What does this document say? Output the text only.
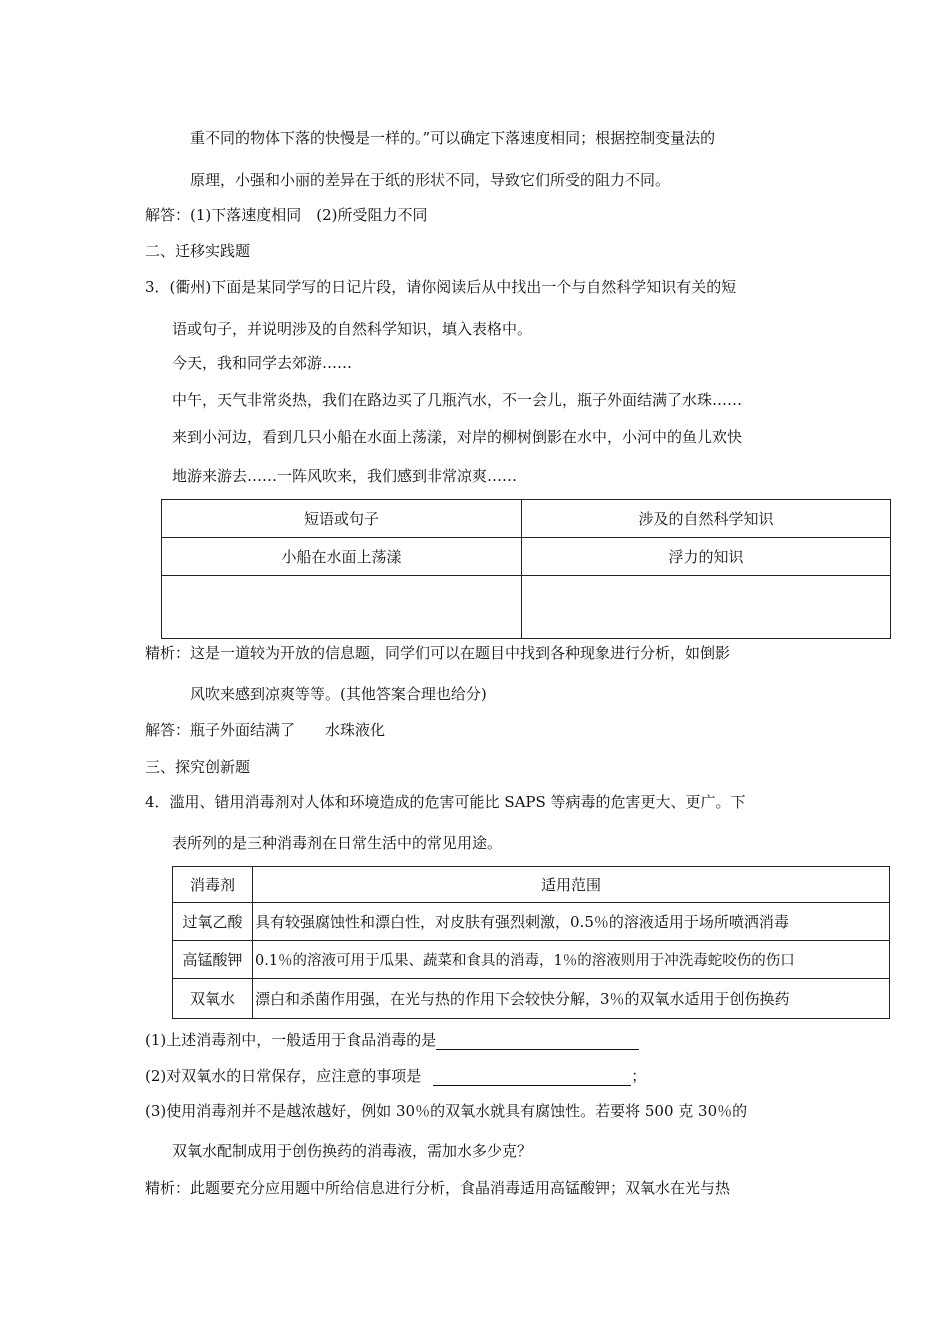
重不同的物体下落的快慢是一样的。”可以确定下落速度相同；根据控制变量法的
原理，小强和小丽的差异在于纸的形状不同，导致它们所受的阻力不同。
解答：(1)下落速度相同　(2)所受阻力不同
二、迁移实践题
3．(衢州)下面是某同学写的日记片段，请你阅读后从中找出一个与自然科学知识有关的短
语或句子，并说明涉及的自然科学知识，填入表格中。
今天，我和同学去郊游……
中午，天气非常炎热，我们在路边买了几瓶汽水，不一会儿，瓶子外面结满了水珠……
来到小河边，看到几只小船在水面上荡漾，对岸的柳树倒影在水中，小河中的鱼儿欢快
地游来游去……一阵风吹来，我们感到非常凉爽……
短语或句子	涉及的自然科学知识
小船在水面上荡漾	浮力的知识

精析：这是一道较为开放的信息题，同学们可以在题目中找到各种现象进行分析，如倒影
风吹来感到凉爽等等。(其他答案合理也给分)
解答：瓶子外面结满了　　水珠液化
三、探究创新题
4．滥用、错用消毒剂对人体和环境造成的危害可能比 SAPS 等病毒的危害更大、更广。下
表所列的是三种消毒剂在日常生活中的常见用途。
消毒剂	适用范围
过氧乙酸	具有较强腐蚀性和漂白性，对皮肤有强烈刺激，0.5％的溶液适用于场所喷洒消毒
高锰酸钾	0.1％的溶液可用于瓜果、蔬菜和食具的消毒，1％的溶液则用于冲洗毒蛇咬伤的伤口
双氧水	漂白和杀菌作用强，在光与热的作用下会较快分解，3％的双氧水适用于创伤换药
(1)上述消毒剂中，一般适用于食品消毒的是
(2)对双氧水的日常保存，应注意的事项是	；
(3)使用消毒剂并不是越浓越好，例如 30％的双氧水就具有腐蚀性。若要将 500 克 30％的
双氧水配制成用于创伤换药的消毒液，需加水多少克？
精析：此题要充分应用题中所给信息进行分析，食晶消毒适用高锰酸钾；双氧水在光与热
